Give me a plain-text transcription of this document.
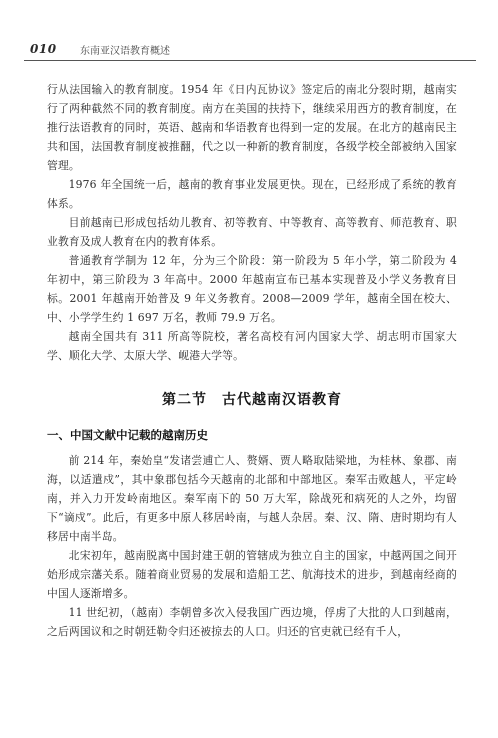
010 东南亚汉语教育概述

行从法国输入的教育制度。1954 年《日内瓦协议》签定后的南北分裂时期，越南实行了两种截然不同的教育制度。南方在美国的扶持下，继续采用西方的教育制度，在推行法语教育的同时，英语、越南和华语教育也得到一定的发展。在北方的越南民主共和国，法国教育制度被推翻，代之以一种新的教育制度，各级学校全部被纳入国家管理。

1976 年全国统一后，越南的教育事业发展更快。现在，已经形成了系统的教育体系。

目前越南已形成包括幼儿教育、初等教育、中等教育、高等教育、师范教育、职业教育及成人教育在内的教育体系。

普通教育学制为 12 年，分为三个阶段：第一阶段为 5 年小学，第二阶段为 4 年初中，第三阶段为 3 年高中。2000 年越南宣布已基本实现普及小学义务教育目标。2001 年越南开始普及 9 年义务教育。2008—2009 学年，越南全国在校大、中、小学学生约 1 697 万名，教师 79.9 万名。

越南全国共有 311 所高等院校，著名高校有河内国家大学、胡志明市国家大学、顺化大学、太原大学、岘港大学等。

第二节　古代越南汉语教育
一、中国文献中记载的越南历史

前 214 年，秦始皇“发诸尝逋亡人、赘婿、贾人略取陆梁地，为桂林、象郡、南海，以适遣戍”，其中象郡包括今天越南的北部和中部地区。秦军击败越人，平定岭南，并入力开发岭南地区。秦军南下的 50 万大军，除战死和病死的人之外，均留下“谪戍”。此后，有更多中原人移居岭南，与越人杂居。秦、汉、隋、唐时期均有人移居中南半岛。

北宋初年，越南脱离中国封建王朝的管辖成为独立自主的国家，中越两国之间开始形成宗藩关系。随着商业贸易的发展和造船工艺、航海技术的进步，到越南经商的中国人逐渐增多。

11 世纪初，（越南）李朝曾多次入侵我国广西边境，俘虏了大批的人口到越南，之后两国议和之时朝廷勒令归还被掠去的人口。归还的官吏就已经有千人，
